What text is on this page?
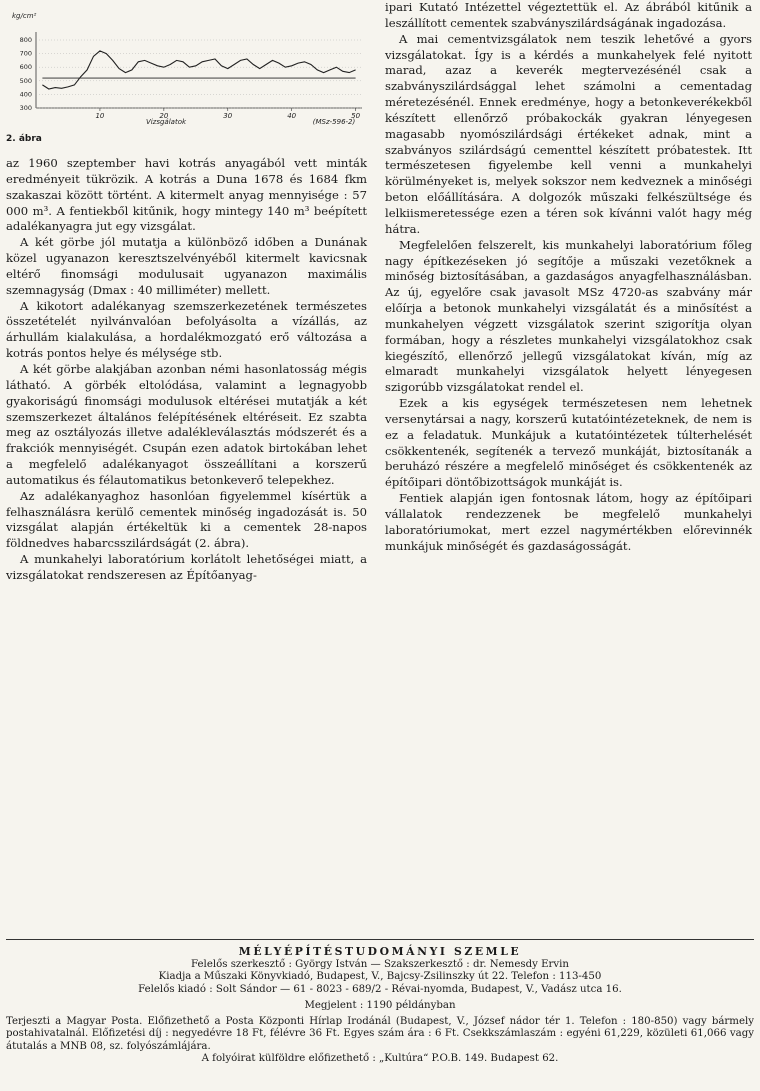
800
700
600
500
400
300
10	20	30	40	50
kg/cm²
Vizsgálatok	(MSz-596-2)
2. ábra

az 1960 szeptember havi kotrás anyagából vett minták eredményeit tükrözik. A kotrás a Duna 1678 és 1684 fkm szakaszai között történt. A kitermelt anyag mennyisége : 57 000 m³. A fentiekből kitűnik, hogy mintegy 140 m³ beépített adalékanyagra jut egy vizsgálat.

A két görbe jól mutatja a különböző időben a Dunának közel ugyanazon keresztszelvényéből kitermelt kavicsnak eltérő finomsági modulusait ugyanazon maximális szemnagyság (Dmax : 40 milliméter) mellett.

A kikotort adalékanyag szemszerkezetének természetes összetételét nyilvánvalóan befolyásolta a vízállás, az árhullám kialakulása, a hordalékmozgató erő változása a kotrás pontos helye és mélysége stb.

A két görbe alakjában azonban némi hasonlatosság mégis látható. A görbék eltolódása, valamint a legnagyobb gyakoriságú finomsági modulusok eltérései mutatják a két szemszerkezet általános felépítésének eltéréseit. Ez szabta meg az osztályozás illetve adalékleválasztás módszerét és a frakciók mennyiségét. Csupán ezen adatok birtokában lehet a megfelelő adalékanyagot összeállítani a korszerű automatikus és félautomatikus betonkeverő telepekhez.

Az adalékanyaghoz hasonlóan figyelemmel kísértük a felhasználásra kerülő cementek minőség ingadozását is. 50 vizsgálat alapján értékeltük ki a cementek 28-napos földnedves habarcsszilárdságát (2. ábra).

A munkahelyi laboratórium korlátolt lehetőségei miatt, a vizsgálatokat rendszeresen az Építőanyag-

ipari Kutató Intézettel végeztettük el. Az ábrából kitűnik a leszállított cementek szabványszilárdságának ingadozása.

A mai cementvizsgálatok nem teszik lehetővé a gyors vizsgálatokat. Így is a kérdés a munkahelyek felé nyitott marad, azaz a keverék megtervezésénél csak a szabványszilárdsággal lehet számolni a cementadag méretezésénél. Ennek eredménye, hogy a betonkeverékekből készített ellenőrző próbakockák gyakran lényegesen magasabb nyomószilárdsági értékeket adnak, mint a szabványos szilárdságú cementtel készített próbatestek. Itt természetesen figyelembe kell venni a munkahelyi körülményeket is, melyek sokszor nem kedveznek a minőségi beton előállítására. A dolgozók műszaki felkészültsége és lelkiismeretessége ezen a téren sok kívánni valót hagy még hátra.

Megfelelően felszerelt, kis munkahelyi laboratórium főleg nagy építkezéseken jó segítője a műszaki vezetőknek a minőség biztosításában, a gazdaságos anyagfelhasználásban. Az új, egyelőre csak javasolt MSz 4720-as szabvány már előírja a betonok munkahelyi vizsgálatát és a minősítést a munkahelyen végzett vizsgálatok szerint szigorítja olyan formában, hogy a részletes munkahelyi vizsgálatokhoz csak kiegészítő, ellenőrző jellegű vizsgálatokat kíván, míg az elmaradt munkahelyi vizsgálatok helyett lényegesen szigorúbb vizsgálatokat rendel el.

Ezek a kis egységek természetesen nem lehetnek versenytársai a nagy, korszerű kutatóintézeteknek, de nem is ez a feladatuk. Munkájuk a kutatóintézetek túlterhelését csökkentenék, segítenék a tervező munkáját, biztosítanák a beruházó részére a megfelelő minőséget és csökkentenék az építőipari döntőbizottságok munkáját is.

Fentiek alapján igen fontosnak látom, hogy az építőipari vállalatok rendezzenek be megfelelő munkahelyi laboratóriumokat, mert ezzel nagymértékben előrevinnék munkájuk minőségét és gazdaságosságát.

MÉLYÉPÍTÉSTUDOMÁNYI SZEMLE
Felelős szerkesztő : György István — Szakszerkesztő : dr. Nemesdy Ervin
Kiadja a Műszaki Könyvkiadó, Budapest, V., Bajcsy-Zsilinszky út 22. Telefon : 113-450
Felelős kiadó : Solt Sándor — 61 - 8023 - 689/2 - Révai-nyomda, Budapest, V., Vadász utca 16.
Megjelent : 1190 példányban
Terjeszti a Magyar Posta. Előfizethető a Posta Központi Hírlap Irodánál (Budapest, V., József nádor tér 1. Telefon : 180-850) vagy bármely postahivatalnál. Előfizetési díj : negyedévre 18 Ft, félévre 36 Ft. Egyes szám ára : 6 Ft. Csekkszámlaszám : egyéni 61,229, közületi 61,066 vagy átutalás a MNB 08, sz. folyószámlájára.
A folyóirat külföldre előfizethető : „Kultúra“ P.O.B. 149. Budapest 62.
